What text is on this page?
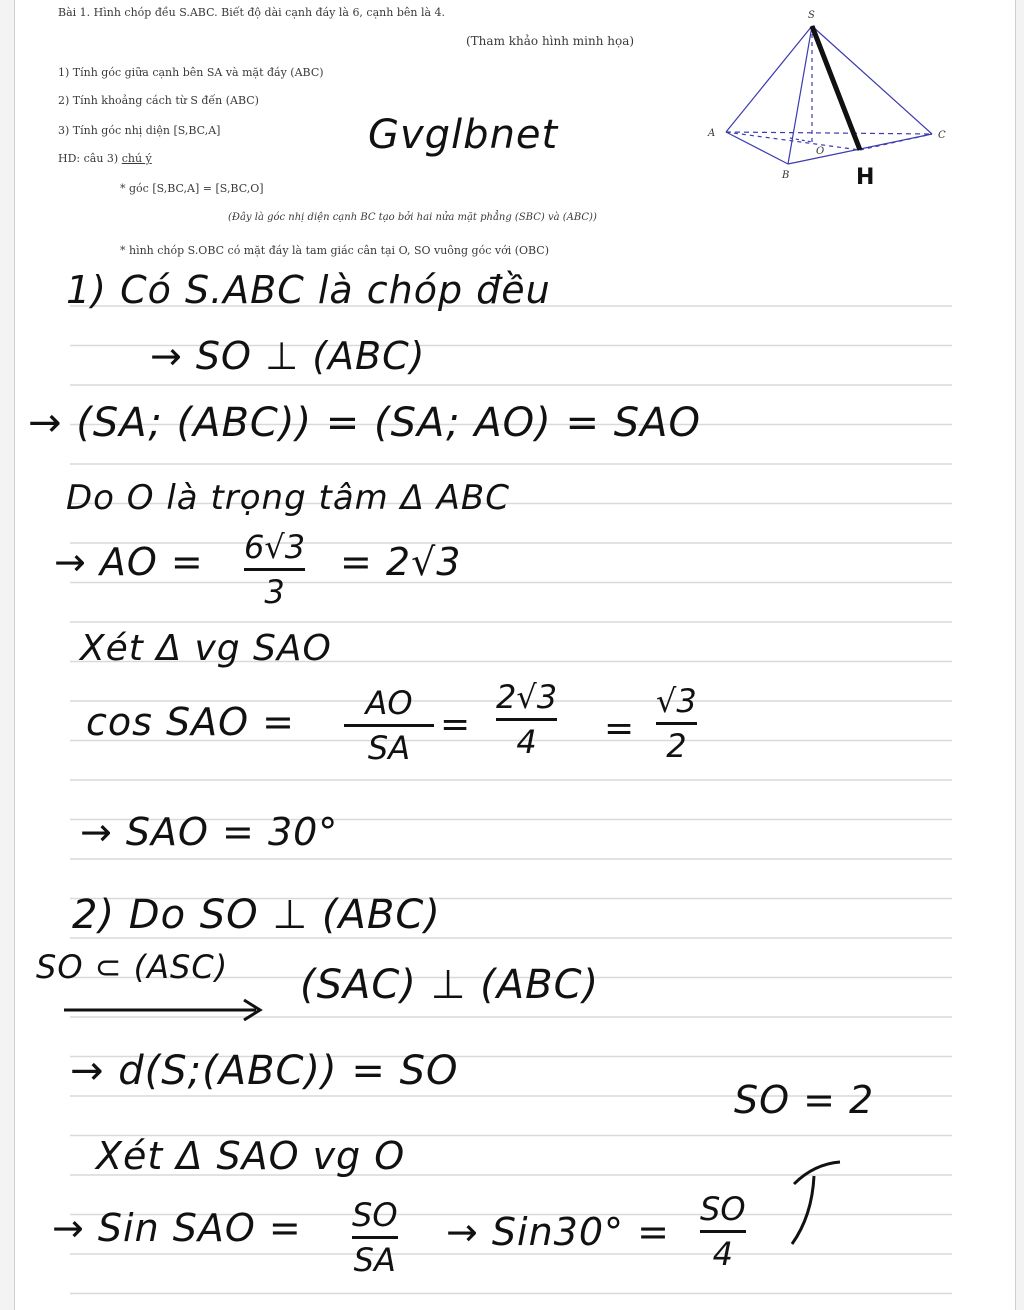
Bài 1. Hình chóp đều S.ABC. Biết độ dài cạnh đáy là 6, cạnh bên là 4.
(Tham khảo hình minh họa)
1) Tính góc giữa cạnh bên SA và mặt đáy (ABC)
2) Tính khoảng cách từ S đến (ABC)
3) Tính góc nhị diện [S,BC,A]
HD: câu 3) chú ý
* góc [S,BC,A] = [S,BC,O]
(Đây là góc nhị diện cạnh BC tạo bởi hai nửa mặt phẳng (SBC) và (ABC))
* hình chóp S.OBC có mặt đáy là tam giác cân tại O, SO vuông góc với (OBC)
S
A
B
C
O
H
Gvglbnet
1) Có S.ABC là chóp đều
→ SO ⊥ (ABC)
→ (SA; (ABC)) = (SA; AO) = SAO
Do O là trọng tâm Δ ABC
→ AO = 6√3
3
= 2√3
Xét Δ vg SAO
cos SAO =	AO
SA
=
2√3
4	=
√3
2
→ SAO = 30°
2) Do SO ⊥ (ABC)
SO ⊂ (ASC) (SAC) ⊥ (ABC)
→ d(S;(ABC)) = SO
SO = 2
Xét Δ SAO vg O
→ Sin SAO = SO
SA
→ Sin30° =
SO
4
